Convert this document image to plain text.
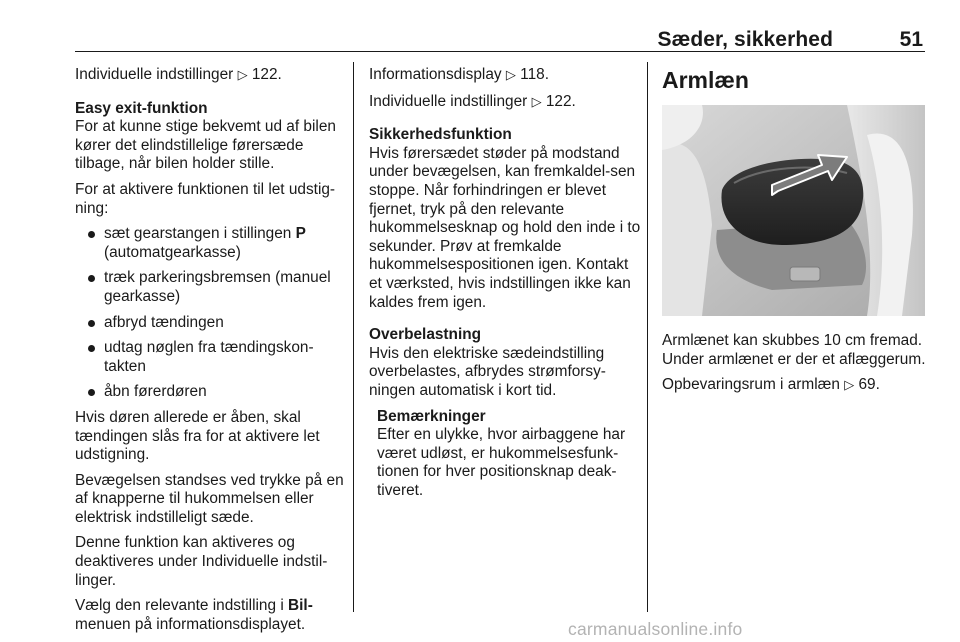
Sæder, sikkerhed	51

Individuelle indstillinger ▷ 122.

Easy exit-funktion

For at kunne stige bekvemt ud af bilen kører det elindstillelige førersæde tilbage, når bilen holder stille.

For at aktivere funktionen til let udstig-ning:

sæt gearstangen i stillingen P
(automatgearkasse)
træk parkeringsbremsen (manuel gearkasse)
afbryd tændingen
udtag nøglen fra tændingskon-takten
åbn førerdøren

Hvis døren allerede er åben, skal tændingen slås fra for at aktivere let udstigning.

Bevægelsen standses ved trykke på en af knapperne til hukommelsen eller elektrisk indstilleligt sæde.

Denne funktion kan aktiveres og deaktiveres under Individuelle indstil-linger.

Vælg den relevante indstilling i Bil- menuen på informationsdisplayet.

Informationsdisplay ▷ 118.

Individuelle indstillinger ▷ 122.

Sikkerhedsfunktion

Hvis førersædet støder på modstand under bevægelsen, kan fremkaldel-sen stoppe. Når forhindringen er blevet fjernet, tryk på den relevante hukommelsesknap og hold den inde i to sekunder. Prøv at fremkalde hukommelsespositionen igen. Kontakt et værksted, hvis indstillingen ikke kan kaldes frem igen.

Overbelastning

Hvis den elektriske sædeindstilling overbelastes, afbrydes strømforsy-ningen automatisk i kort tid.

Bemærkninger

Efter en ulykke, hvor airbaggene har været udløst, er hukommelsesfunk-tionen for hver positionsknap deak-tiveret.

Armlæn

Armlænet kan skubbes 10 cm fremad. Under armlænet er der et aflæggerum.

Opbevaringsrum i armlæn ▷ 69.

carmanualsonline.info
